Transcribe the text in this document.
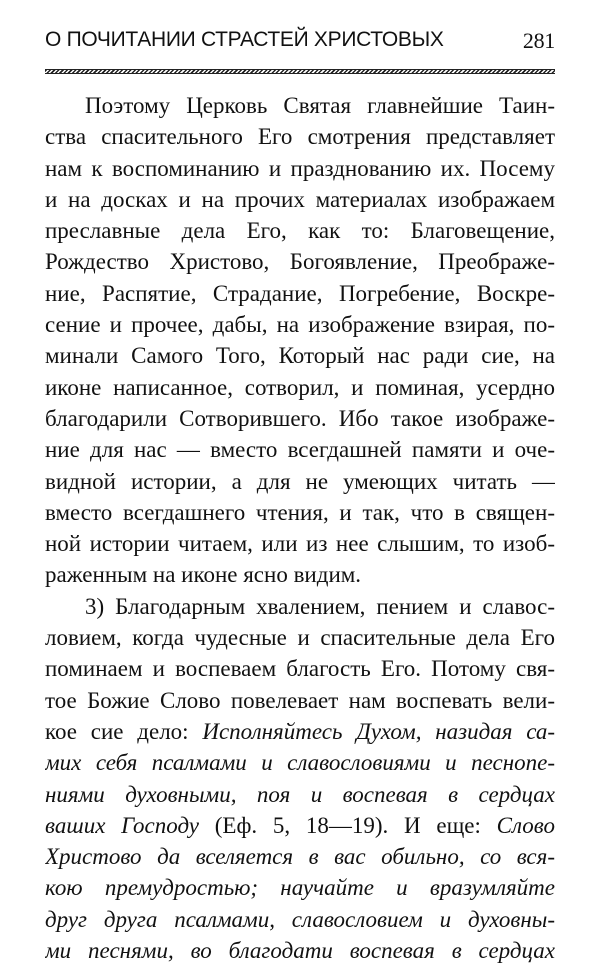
О ПОЧИТАНИИ СТРАСТЕЙ ХРИСТОВЫХ	281
Поэтому Церковь Святая главнейшие Таин-
ства спасительного Его смотрения представляет
нам к воспоминанию и празднованию их. Посему
и на досках и на прочих материалах изображаем
преславные дела Его, как то: Благовещение,
Рождество Христово, Богоявление, Преображе-
ние, Распятие, Страдание, Погребение, Воскре-
сение и прочее, дабы, на изображение взирая, по-
минали Самого Того, Который нас ради сие, на
иконе написанное, сотворил, и поминая, усердно
благодарили Сотворившего. Ибо такое изображе-
ние для нас — вместо всегдашней памяти и оче-
видной истории, а для не умеющих читать —
вместо всегдашнего чтения, и так, что в священ-
ной истории читаем, или из нее слышим, то изоб-
раженным на иконе ясно видим.
3) Благодарным хвалением, пением и славос-
ловием, когда чудесные и спасительные дела Его
поминаем и воспеваем благость Его. Потому свя-
тое Божие Слово повелевает нам воспевать вели-
кое сие дело: Исполняйтесь Духом, назидая са-
мих себя псалмами и славословиями и песнопе-
ниями духовными, поя и воспевая в сердцах
ваших Господу (Еф. 5, 18—19). И еще: Слово
Христово да вселяется в вас обильно, со вся-
кою премудростью; научайте и вразумляйте
друг друга псалмами, славословием и духовны-
ми песнями, во благодати воспевая в сердцах
